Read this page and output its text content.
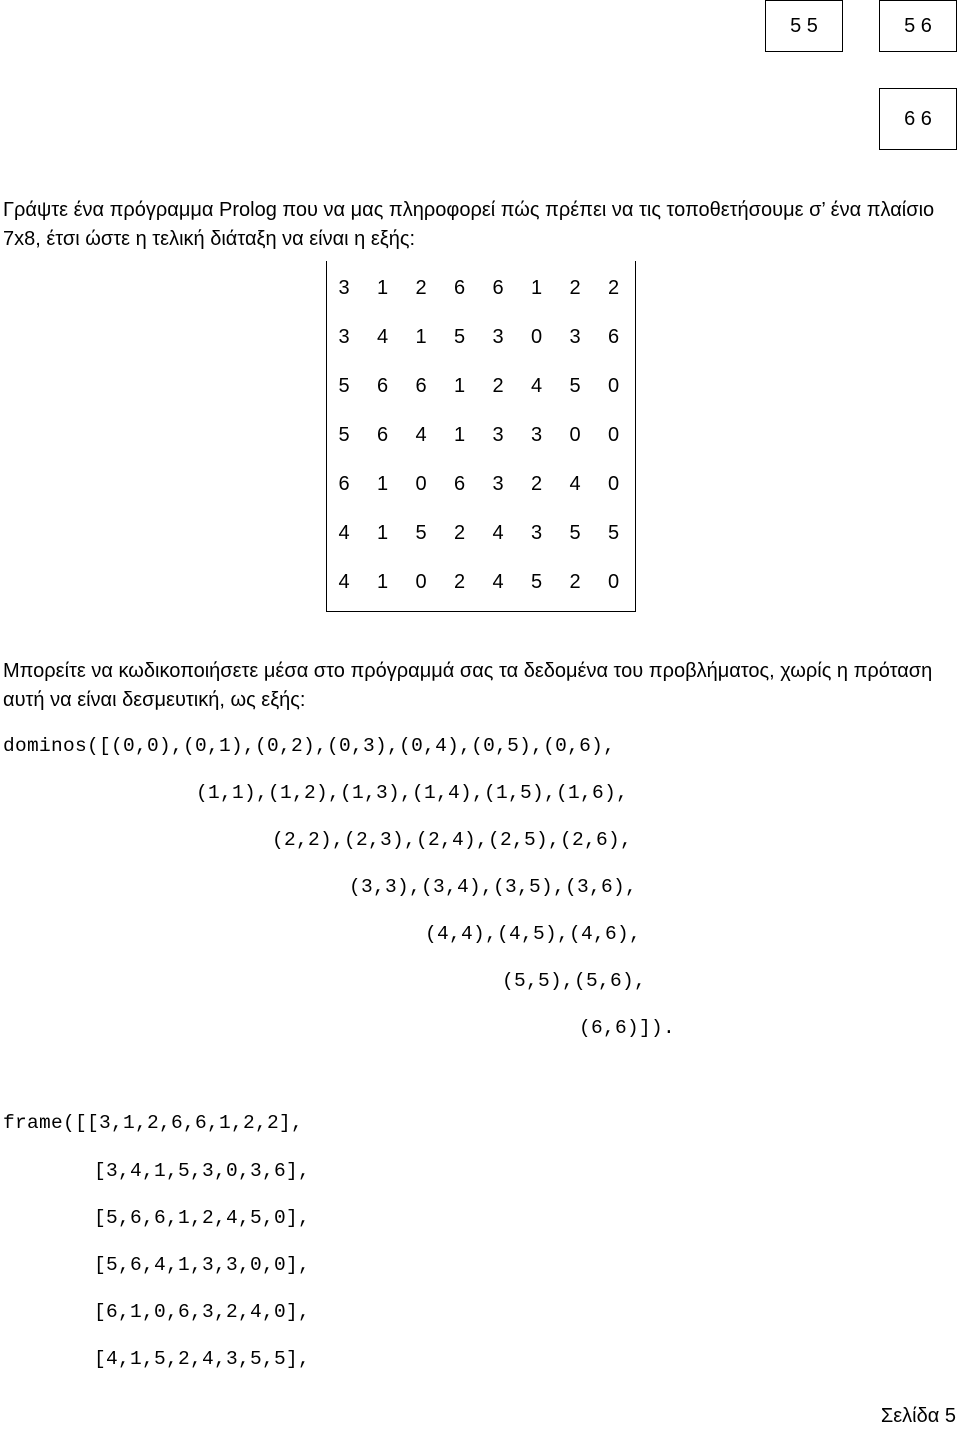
5 5	5 6
6 6
Γράψτε ένα πρόγραμμα Prolog που να μας πληροφορεί πώς πρέπει να τις τοποθετήσουμε σ’ ένα πλαίσιο 7x8, έτσι ώστε η τελική διάταξη να είναι η εξής:
3	1	2	6	6	1	2	2
3	4	1	5	3	0	3	6
5	6	6	1	2	4	5	0
5	6	4	1	3	3	0	0
6	1	0	6	3	2	4	0
4	1	5	2	4	3	5	5
4	1	0	2	4	5	2	0
Μπορείτε να κωδικοποιήσετε μέσα στο πρόγραμμά σας τα δεδομένα του προβλήματος, χωρίς η πρόταση αυτή να είναι δεσμευτική, ως εξής:
dominos([(0,0),(0,1),(0,2),(0,3),(0,4),(0,5),(0,6),
(1,1),(1,2),(1,3),(1,4),(1,5),(1,6),
(2,2),(2,3),(2,4),(2,5),(2,6),
(3,3),(3,4),(3,5),(3,6),
(4,4),(4,5),(4,6),
(5,5),(5,6),
(6,6)]).
frame([[3,1,2,6,6,1,2,2],
[3,4,1,5,3,0,3,6],
[5,6,6,1,2,4,5,0],
[5,6,4,1,3,3,0,0],
[6,1,0,6,3,2,4,0],
[4,1,5,2,4,3,5,5],
Σελίδα 5
